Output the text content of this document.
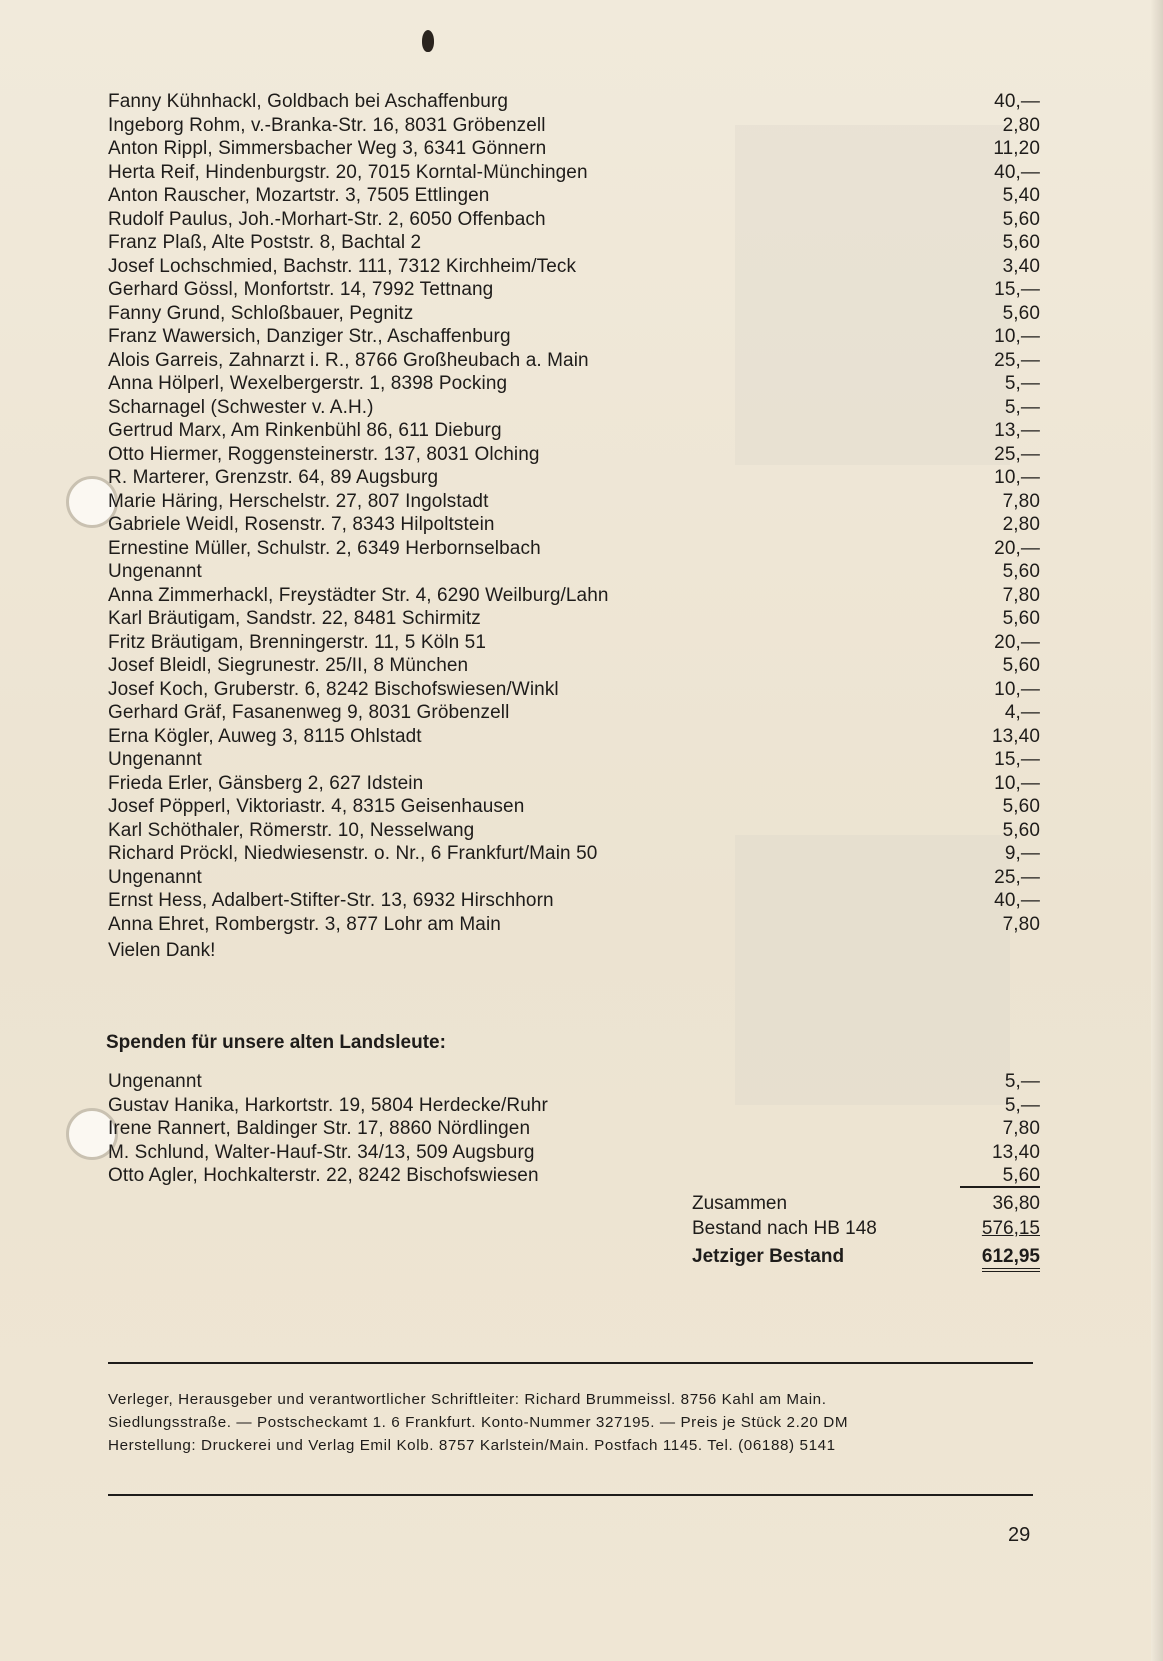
Fanny Kühnhackl, Goldbach bei Aschaffenburg	40,—
Ingeborg Rohm, v.-Branka-Str. 16, 8031 Gröbenzell	2,80
Anton Rippl, Simmersbacher Weg 3, 6341 Gönnern	11,20
Herta Reif, Hindenburgstr. 20, 7015 Korntal-Münchingen	40,—
Anton Rauscher, Mozartstr. 3, 7505 Ettlingen	5,40
Rudolf Paulus, Joh.-Morhart-Str. 2, 6050 Offenbach	5,60
Franz Plaß, Alte Poststr. 8, Bachtal 2	5,60
Josef Lochschmied, Bachstr. 111, 7312 Kirchheim/Teck	3,40
Gerhard Gössl, Monfortstr. 14, 7992 Tettnang	15,—
Fanny Grund, Schloßbauer, Pegnitz	5,60
Franz Wawersich, Danziger Str., Aschaffenburg	10,—
Alois Garreis, Zahnarzt i. R., 8766 Großheubach a. Main	25,—
Anna Hölperl, Wexelbergerstr. 1, 8398 Pocking	5,—
Scharnagel (Schwester v. A.H.)	5,—
Gertrud Marx, Am Rinkenbühl 86, 611 Dieburg	13,—
Otto Hiermer, Roggensteinerstr. 137, 8031 Olching	25,—
R. Marterer, Grenzstr. 64, 89 Augsburg	10,—
Marie Häring, Herschelstr. 27, 807 Ingolstadt	7,80
Gabriele Weidl, Rosenstr. 7, 8343 Hilpoltstein	2,80
Ernestine Müller, Schulstr. 2, 6349 Herbornselbach	20,—
Ungenannt	5,60
Anna Zimmerhackl, Freystädter Str. 4, 6290 Weilburg/Lahn	7,80
Karl Bräutigam, Sandstr. 22, 8481 Schirmitz	5,60
Fritz Bräutigam, Brenningerstr. 11, 5 Köln 51	20,—
Josef Bleidl, Siegrunestr. 25/II, 8 München	5,60
Josef Koch, Gruberstr. 6, 8242 Bischofswiesen/Winkl	10,—
Gerhard Gräf, Fasanenweg 9, 8031 Gröbenzell	4,—
Erna Kögler, Auweg 3, 8115 Ohlstadt	13,40
Ungenannt	15,—
Frieda Erler, Gänsberg 2, 627 Idstein	10,—
Josef Pöpperl, Viktoriastr. 4, 8315 Geisenhausen	5,60
Karl Schöthaler, Römerstr. 10, Nesselwang	5,60
Richard Pröckl, Niedwiesenstr. o. Nr., 6 Frankfurt/Main 50	9,—
Ungenannt	25,—
Ernst Hess, Adalbert-Stifter-Str. 13, 6932 Hirschhorn	40,—
Anna Ehret, Rombergstr. 3, 877 Lohr am Main	7,80
Vielen Dank!
Spenden für unsere alten Landsleute:
Ungenannt	5,—
Gustav Hanika, Harkortstr. 19, 5804 Herdecke/Ruhr	5,—
Irene Rannert, Baldinger Str. 17, 8860 Nördlingen	7,80
M. Schlund, Walter-Hauf-Str. 34/13, 509 Augsburg	13,40
Otto Agler, Hochkalterstr. 22, 8242 Bischofswiesen	5,60
Zusammen	36,80
Bestand nach HB 148	576,15
Jetziger Bestand	612,95
Verleger, Herausgeber und verantwortlicher Schriftleiter: Richard Brummeissl. 8756 Kahl am Main.
Siedlungsstraße. — Postscheckamt 1. 6 Frankfurt. Konto-Nummer 327195. — Preis je Stück 2.20 DM
Herstellung: Druckerei und Verlag Emil Kolb. 8757 Karlstein/Main. Postfach 1145. Tel. (06188) 5141
29
